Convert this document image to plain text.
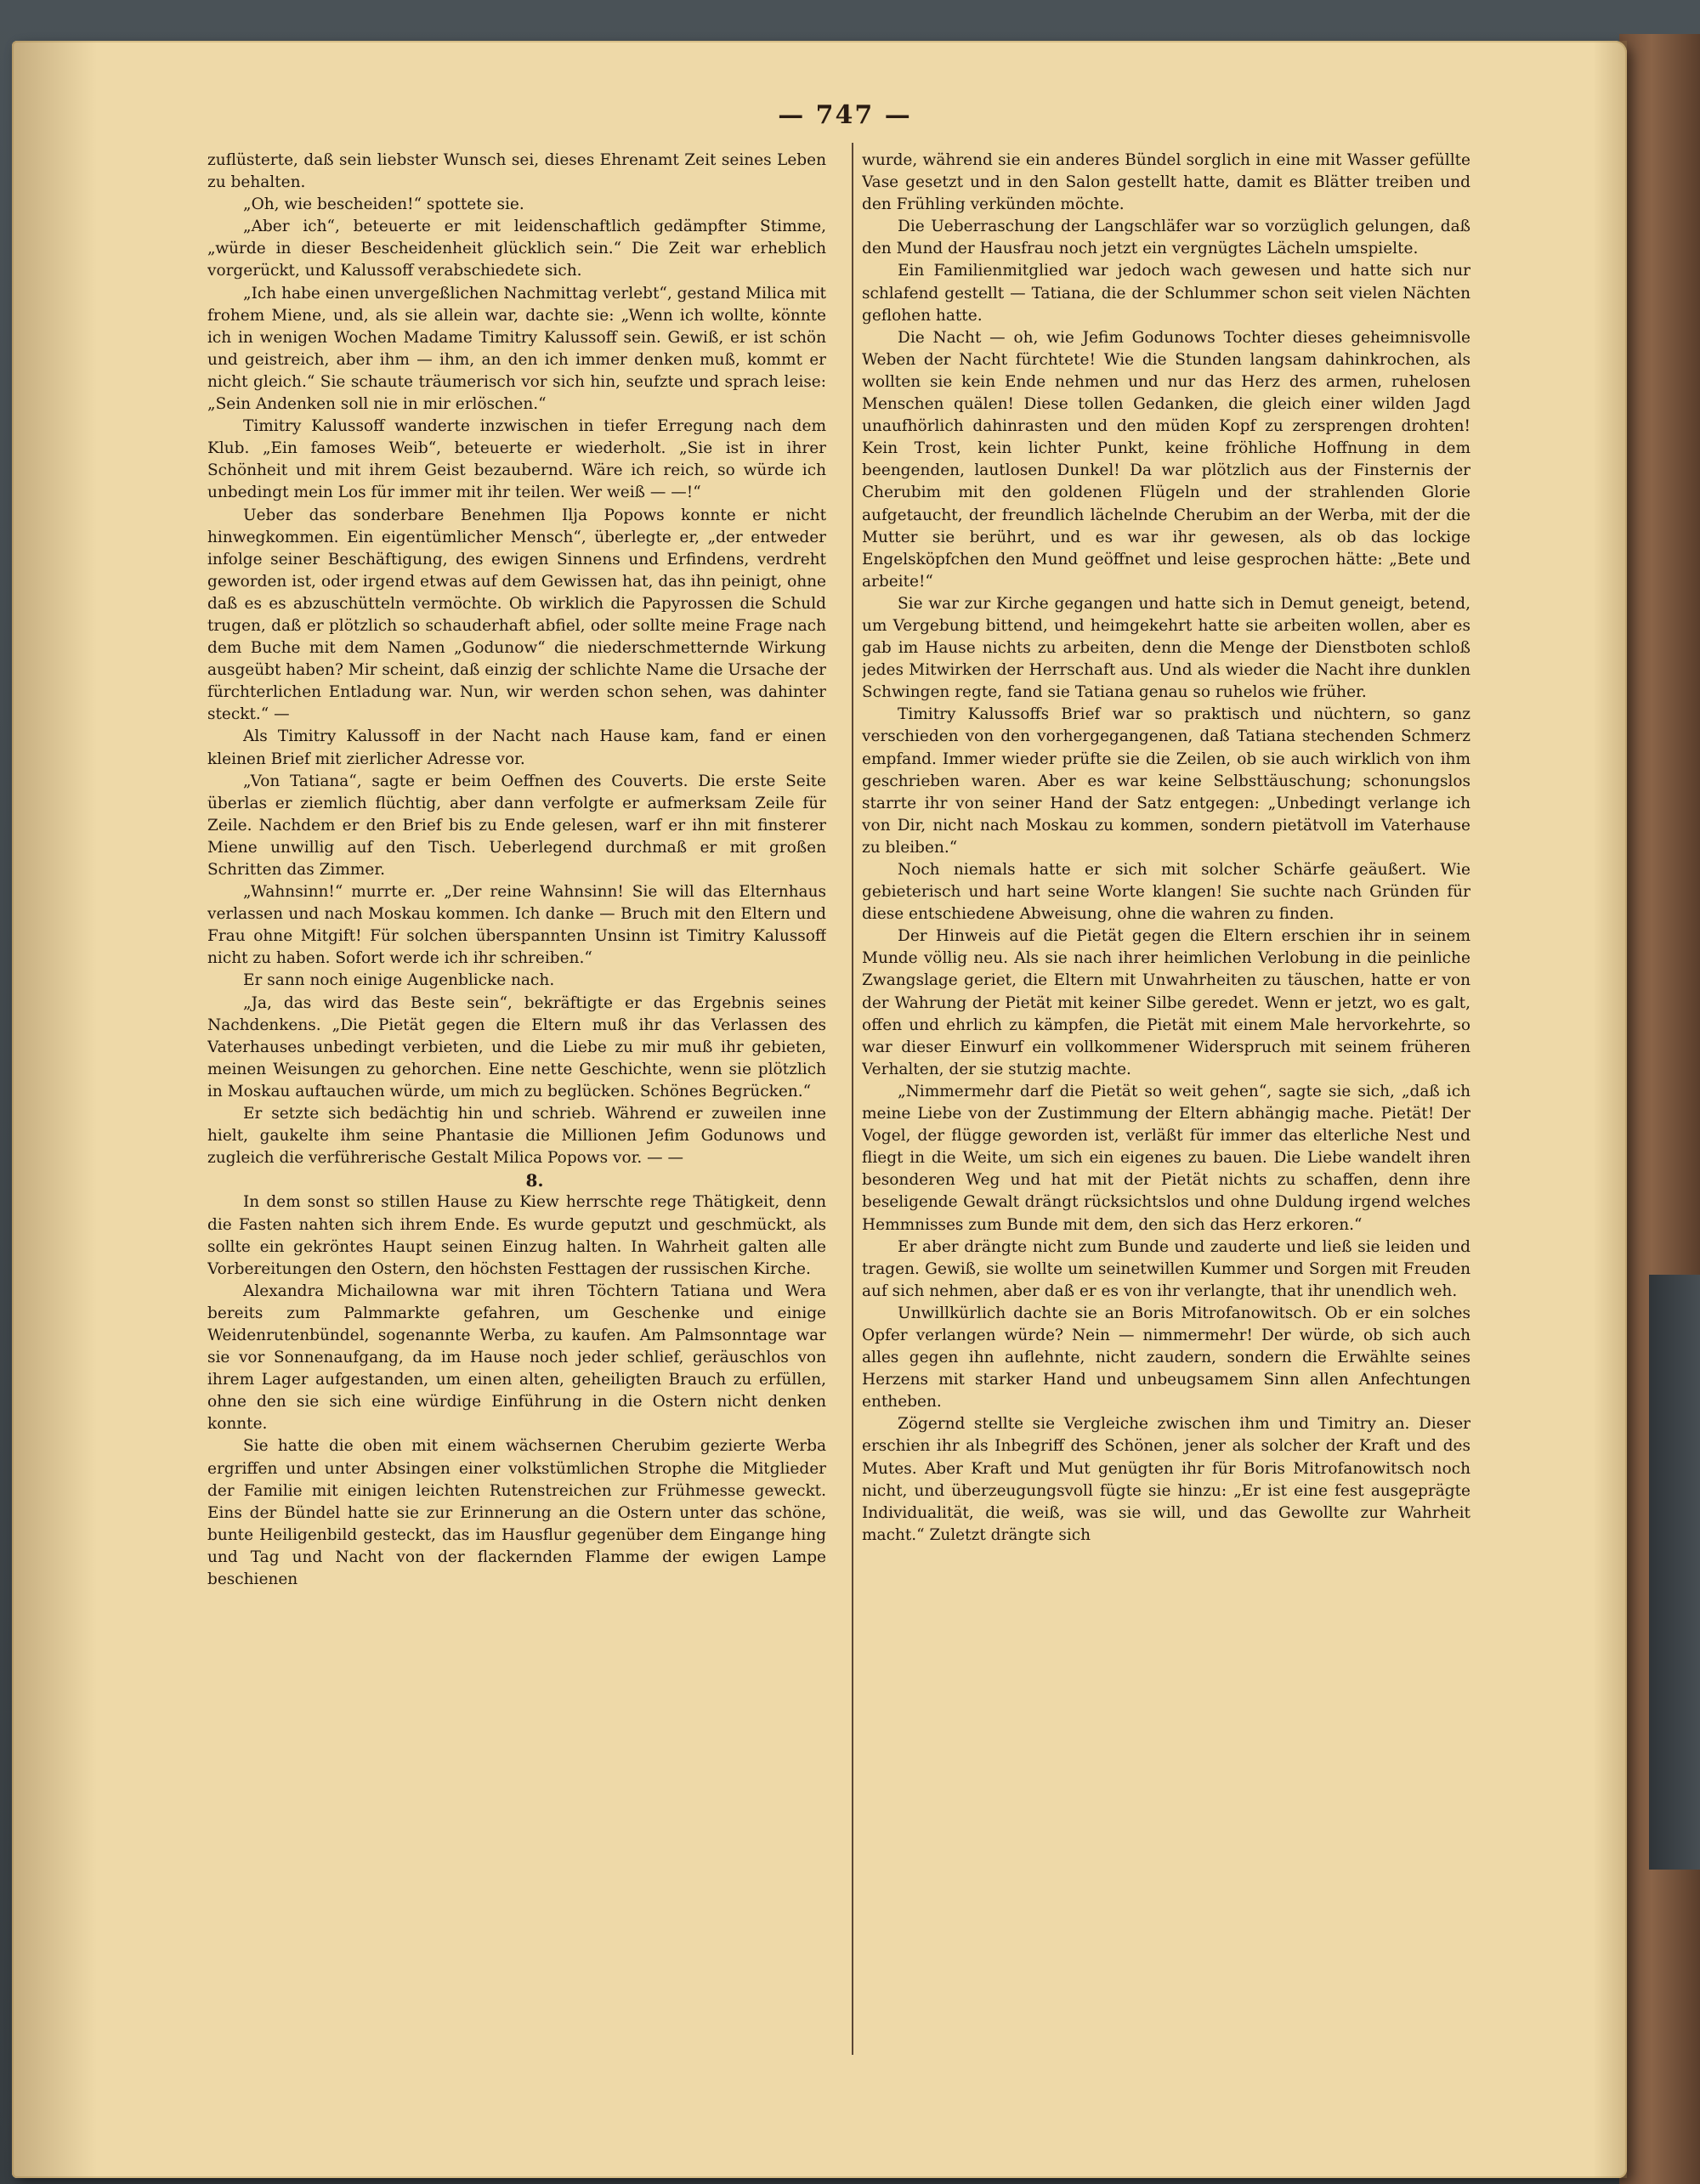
— 747 —

zuflüsterte, daß sein liebster Wunsch sei, dieses Ehrenamt Zeit seines Leben zu behalten.

„Oh, wie bescheiden!“ spottete sie.

„Aber ich“, beteuerte er mit leidenschaftlich gedämpfter Stimme, „würde in dieser Bescheidenheit glücklich sein.“ Die Zeit war erheblich vorgerückt, und Kalussoff verabschiedete sich.

„Ich habe einen unvergeßlichen Nachmittag verlebt“, gestand Milica mit frohem Miene, und, als sie allein war, dachte sie: „Wenn ich wollte, könnte ich in wenigen Wochen Madame Timitry Kalussoff sein. Gewiß, er ist schön und geistreich, aber ihm — ihm, an den ich immer denken muß, kommt er nicht gleich.“ Sie schaute träumerisch vor sich hin, seufzte und sprach leise: „Sein Andenken soll nie in mir erlöschen.“

Timitry Kalussoff wanderte inzwischen in tiefer Erregung nach dem Klub. „Ein famoses Weib“, beteuerte er wiederholt. „Sie ist in ihrer Schönheit und mit ihrem Geist bezaubernd. Wäre ich reich, so würde ich unbedingt mein Los für immer mit ihr teilen. Wer weiß — —!“

Ueber das sonderbare Benehmen Ilja Popows konnte er nicht hinwegkommen. Ein eigentümlicher Mensch“, überlegte er, „der entweder infolge seiner Beschäftigung, des ewigen Sinnens und Erfindens, verdreht geworden ist, oder irgend etwas auf dem Gewissen hat, das ihn peinigt, ohne daß es es abzuschütteln vermöchte. Ob wirklich die Papyrossen die Schuld trugen, daß er plötzlich so schauderhaft abfiel, oder sollte meine Frage nach dem Buche mit dem Namen „Godunow“ die niederschmetternde Wirkung ausgeübt haben? Mir scheint, daß einzig der schlichte Name die Ursache der fürchterlichen Entladung war. Nun, wir werden schon sehen, was dahinter steckt.“ —

Als Timitry Kalussoff in der Nacht nach Hause kam, fand er einen kleinen Brief mit zierlicher Adresse vor.

„Von Tatiana“, sagte er beim Oeffnen des Couverts. Die erste Seite überlas er ziemlich flüchtig, aber dann verfolgte er aufmerksam Zeile für Zeile. Nachdem er den Brief bis zu Ende gelesen, warf er ihn mit finsterer Miene unwillig auf den Tisch. Ueberlegend durchmaß er mit großen Schritten das Zimmer.

„Wahnsinn!“ murrte er. „Der reine Wahnsinn! Sie will das Elternhaus verlassen und nach Moskau kommen. Ich danke — Bruch mit den Eltern und Frau ohne Mitgift! Für solchen überspannten Unsinn ist Timitry Kalussoff nicht zu haben. Sofort werde ich ihr schreiben.“

Er sann noch einige Augenblicke nach.

„Ja, das wird das Beste sein“, bekräftigte er das Ergebnis seines Nachdenkens. „Die Pietät gegen die Eltern muß ihr das Verlassen des Vaterhauses unbedingt verbieten, und die Liebe zu mir muß ihr gebieten, meinen Weisungen zu gehorchen. Eine nette Geschichte, wenn sie plötzlich in Moskau auftauchen würde, um mich zu beglücken. Schönes Begrücken.“

Er setzte sich bedächtig hin und schrieb. Während er zuweilen inne hielt, gaukelte ihm seine Phantasie die Millionen Jefim Godunows und zugleich die verführerische Gestalt Milica Popows vor. — —

8.

In dem sonst so stillen Hause zu Kiew herrschte rege Thätigkeit, denn die Fasten nahten sich ihrem Ende. Es wurde geputzt und geschmückt, als sollte ein gekröntes Haupt seinen Einzug halten. In Wahrheit galten alle Vorbereitungen den Ostern, den höchsten Festtagen der russischen Kirche.

Alexandra Michailowna war mit ihren Töchtern Tatiana und Wera bereits zum Palmmarkte gefahren, um Geschenke und einige Weidenrutenbündel, sogenannte Werba, zu kaufen. Am Palmsonntage war sie vor Sonnenaufgang, da im Hause noch jeder schlief, geräuschlos von ihrem Lager aufgestanden, um einen alten, geheiligten Brauch zu erfüllen, ohne den sie sich eine würdige Einführung in die Ostern nicht denken konnte.

Sie hatte die oben mit einem wächsernen Cherubim gezierte Werba ergriffen und unter Absingen einer volkstümlichen Strophe die Mitglieder der Familie mit einigen leichten Rutenstreichen zur Frühmesse geweckt. Eins der Bündel hatte sie zur Erinnerung an die Ostern unter das schöne, bunte Heiligenbild gesteckt, das im Hausflur gegenüber dem Eingange hing und Tag und Nacht von der flackernden Flamme der ewigen Lampe beschienen

wurde, während sie ein anderes Bündel sorglich in eine mit Wasser gefüllte Vase gesetzt und in den Salon gestellt hatte, damit es Blätter treiben und den Frühling verkünden möchte.

Die Ueberraschung der Langschläfer war so vorzüglich gelungen, daß den Mund der Hausfrau noch jetzt ein vergnügtes Lächeln umspielte.

Ein Familienmitglied war jedoch wach gewesen und hatte sich nur schlafend gestellt — Tatiana, die der Schlummer schon seit vielen Nächten geflohen hatte.

Die Nacht — oh, wie Jefim Godunows Tochter dieses geheimnisvolle Weben der Nacht fürchtete! Wie die Stunden langsam dahinkrochen, als wollten sie kein Ende nehmen und nur das Herz des armen, ruhelosen Menschen quälen! Diese tollen Gedanken, die gleich einer wilden Jagd unaufhörlich dahinrasten und den müden Kopf zu zersprengen drohten! Kein Trost, kein lichter Punkt, keine fröhliche Hoffnung in dem beengenden, lautlosen Dunkel! Da war plötzlich aus der Finsternis der Cherubim mit den goldenen Flügeln und der strahlenden Glorie aufgetaucht, der freundlich lächelnde Cherubim an der Werba, mit der die Mutter sie berührt, und es war ihr gewesen, als ob das lockige Engelsköpfchen den Mund geöffnet und leise gesprochen hätte: „Bete und arbeite!“

Sie war zur Kirche gegangen und hatte sich in Demut geneigt, betend, um Vergebung bittend, und heimgekehrt hatte sie arbeiten wollen, aber es gab im Hause nichts zu arbeiten, denn die Menge der Dienstboten schloß jedes Mitwirken der Herrschaft aus. Und als wieder die Nacht ihre dunklen Schwingen regte, fand sie Tatiana genau so ruhelos wie früher.

Timitry Kalussoffs Brief war so praktisch und nüchtern, so ganz verschieden von den vorhergegangenen, daß Tatiana stechenden Schmerz empfand. Immer wieder prüfte sie die Zeilen, ob sie auch wirklich von ihm geschrieben waren. Aber es war keine Selbsttäuschung; schonungslos starrte ihr von seiner Hand der Satz entgegen: „Unbedingt verlange ich von Dir, nicht nach Moskau zu kommen, sondern pietätvoll im Vaterhause zu bleiben.“

Noch niemals hatte er sich mit solcher Schärfe geäußert. Wie gebieterisch und hart seine Worte klangen! Sie suchte nach Gründen für diese entschiedene Abweisung, ohne die wahren zu finden.

Der Hinweis auf die Pietät gegen die Eltern erschien ihr in seinem Munde völlig neu. Als sie nach ihrer heimlichen Verlobung in die peinliche Zwangslage geriet, die Eltern mit Unwahrheiten zu täuschen, hatte er von der Wahrung der Pietät mit keiner Silbe geredet. Wenn er jetzt, wo es galt, offen und ehrlich zu kämpfen, die Pietät mit einem Male hervorkehrte, so war dieser Einwurf ein vollkommener Widerspruch mit seinem früheren Verhalten, der sie stutzig machte.

„Nimmermehr darf die Pietät so weit gehen“, sagte sie sich, „daß ich meine Liebe von der Zustimmung der Eltern abhängig mache. Pietät! Der Vogel, der flügge geworden ist, verläßt für immer das elterliche Nest und fliegt in die Weite, um sich ein eigenes zu bauen. Die Liebe wandelt ihren besonderen Weg und hat mit der Pietät nichts zu schaffen, denn ihre beseligende Gewalt drängt rücksichtslos und ohne Duldung irgend welches Hemmnisses zum Bunde mit dem, den sich das Herz erkoren.“

Er aber drängte nicht zum Bunde und zauderte und ließ sie leiden und tragen. Gewiß, sie wollte um seinetwillen Kummer und Sorgen mit Freuden auf sich nehmen, aber daß er es von ihr verlangte, that ihr unendlich weh.

Unwillkürlich dachte sie an Boris Mitrofanowitsch. Ob er ein solches Opfer verlangen würde? Nein — nimmermehr! Der würde, ob sich auch alles gegen ihn auflehnte, nicht zaudern, sondern die Erwählte seines Herzens mit starker Hand und unbeugsamem Sinn allen Anfechtungen entheben.

Zögernd stellte sie Vergleiche zwischen ihm und Timitry an. Dieser erschien ihr als Inbegriff des Schönen, jener als solcher der Kraft und des Mutes. Aber Kraft und Mut genügten ihr für Boris Mitrofanowitsch noch nicht, und überzeugungsvoll fügte sie hinzu: „Er ist eine fest ausgeprägte Individualität, die weiß, was sie will, und das Gewollte zur Wahrheit macht.“ Zuletzt drängte sich
